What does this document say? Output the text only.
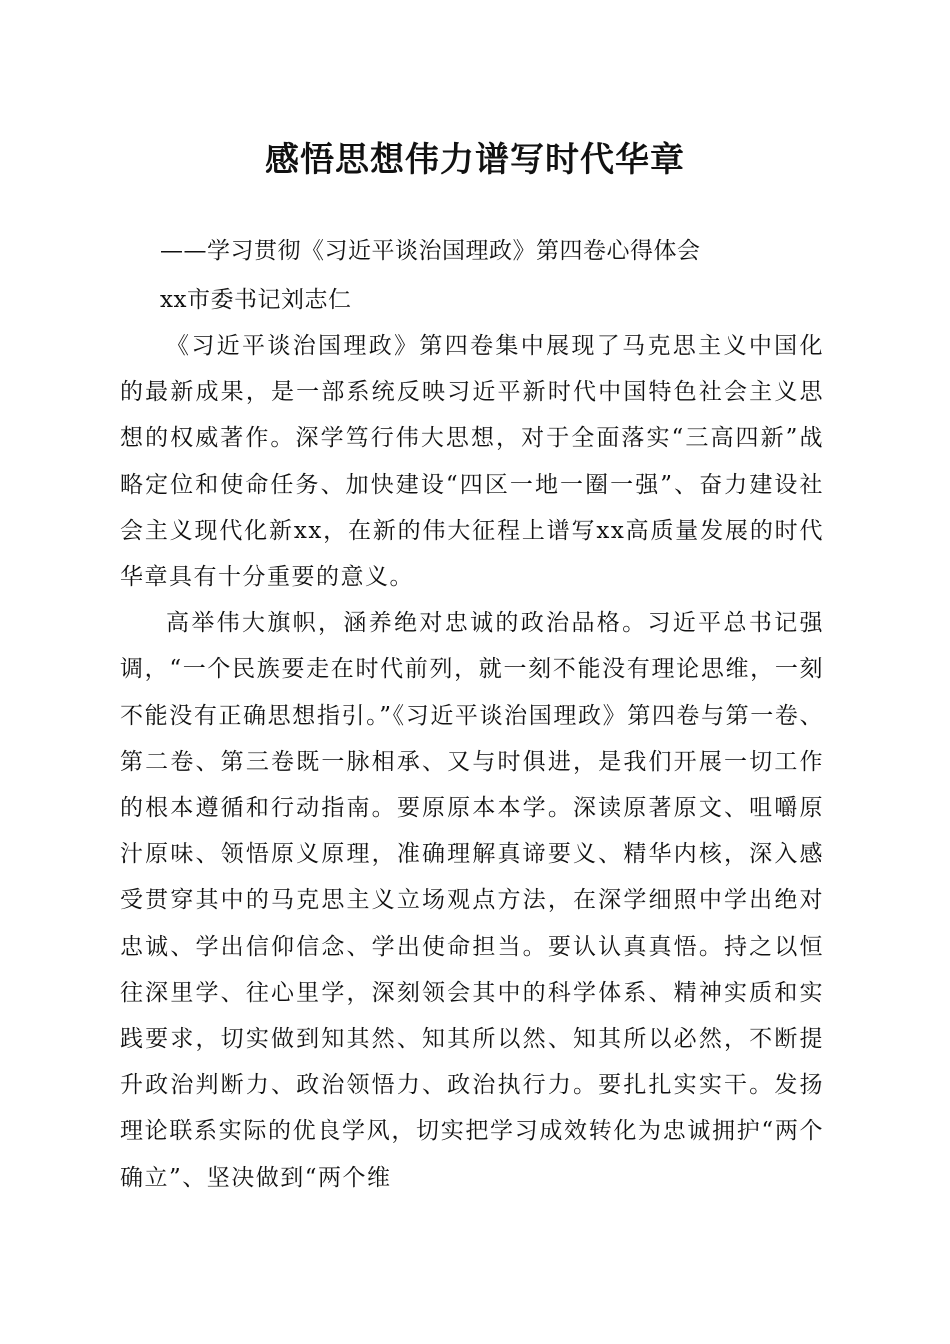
感悟思想伟力谱写时代华章

——学习贯彻《习近平谈治国理政》第四卷心得体会

xx市委书记刘志仁

《习近平谈治国理政》第四卷集中展现了马克思主义中国化的最新成果，是一部系统反映习近平新时代中国特色社会主义思想的权威著作。深学笃行伟大思想，对于全面落实“三高四新”战略定位和使命任务、加快建设“四区一地一圈一强”、奋力建设社会主义现代化新xx，在新的伟大征程上谱写xx高质量发展的时代华章具有十分重要的意义。

高举伟大旗帜，涵养绝对忠诚的政治品格。习近平总书记强调，“一个民族要走在时代前列，就一刻不能没有理论思维，一刻不能没有正确思想指引。”《习近平谈治国理政》第四卷与第一卷、第二卷、第三卷既一脉相承、又与时俱进，是我们开展一切工作的根本遵循和行动指南。要原原本本学。深读原著原文、咀嚼原汁原味、领悟原义原理，准确理解真谛要义、精华内核，深入感受贯穿其中的马克思主义立场观点方法，在深学细照中学出绝对忠诚、学出信仰信念、学出使命担当。要认认真真悟。持之以恒往深里学、往心里学，深刻领会其中的科学体系、精神实质和实践要求，切实做到知其然、知其所以然、知其所以必然，不断提升政治判断力、政治领悟力、政治执行力。要扎扎实实干。发扬理论联系实际的优良学风，切实把学习成效转化为忠诚拥护“两个确立”、坚决做到“两个维
